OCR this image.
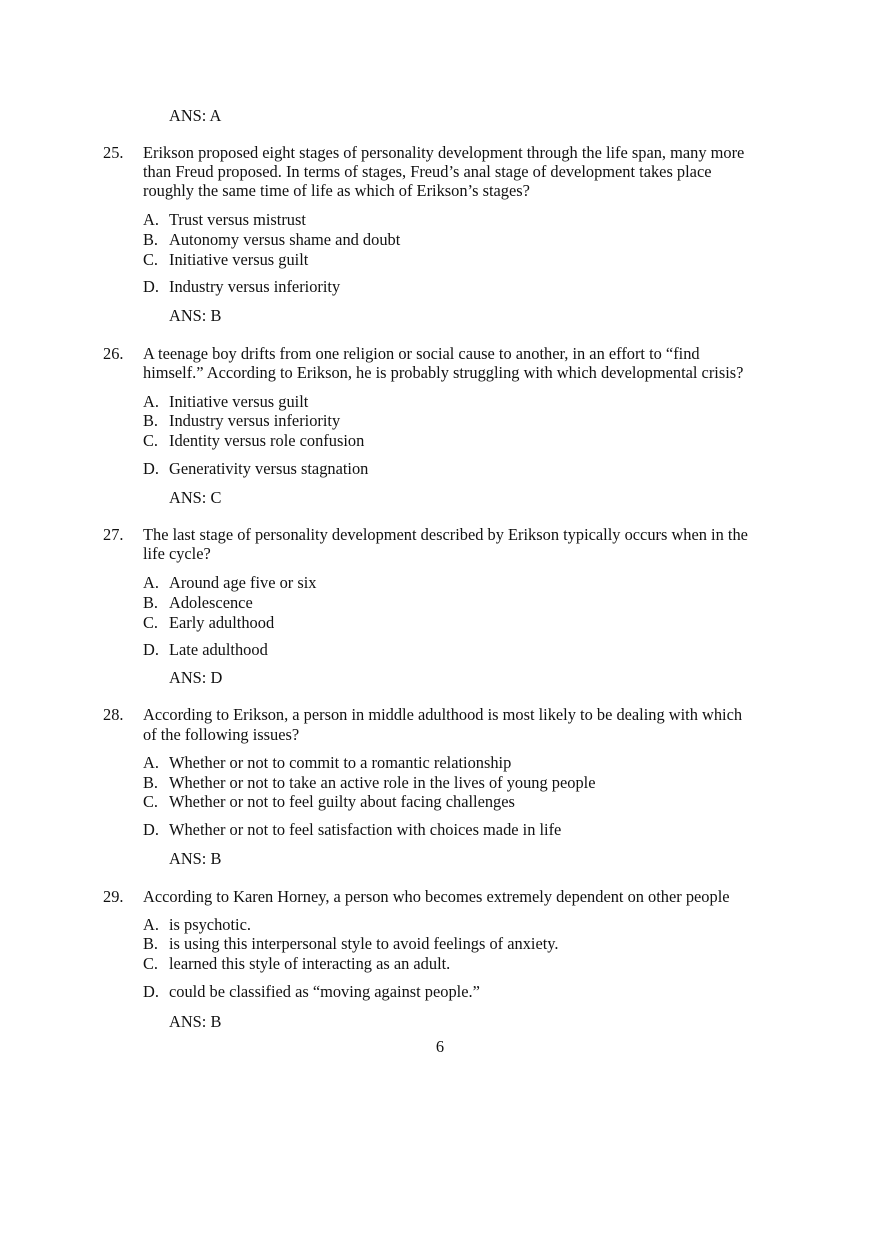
ANS: A
25. Erikson proposed eight stages of personality development through the life span, many more
than Freud proposed. In terms of stages, Freud’s anal stage of development takes place
roughly the same time of life as which of Erikson’s stages?
A. Trust versus mistrust
B. Autonomy versus shame and doubt
C. Initiative versus guilt
D. Industry versus inferiority
ANS: B
26. A teenage boy drifts from one religion or social cause to another, in an effort to “find
himself.” According to Erikson, he is probably struggling with which developmental crisis?
A. Initiative versus guilt
B. Industry versus inferiority
C. Identity versus role confusion
D. Generativity versus stagnation
ANS: C
27. The last stage of personality development described by Erikson typically occurs when in the
life cycle?
A. Around age five or six
B. Adolescence
C. Early adulthood
D. Late adulthood
ANS: D
28. According to Erikson, a person in middle adulthood is most likely to be dealing with which
of the following issues?
A. Whether or not to commit to a romantic relationship
B. Whether or not to take an active role in the lives of young people
C. Whether or not to feel guilty about facing challenges
D. Whether or not to feel satisfaction with choices made in life
ANS: B
29. According to Karen Horney, a person who becomes extremely dependent on other people
A. is psychotic.
B. is using this interpersonal style to avoid feelings of anxiety.
C. learned this style of interacting as an adult.
D. could be classified as “moving against people.”
ANS: B
6
